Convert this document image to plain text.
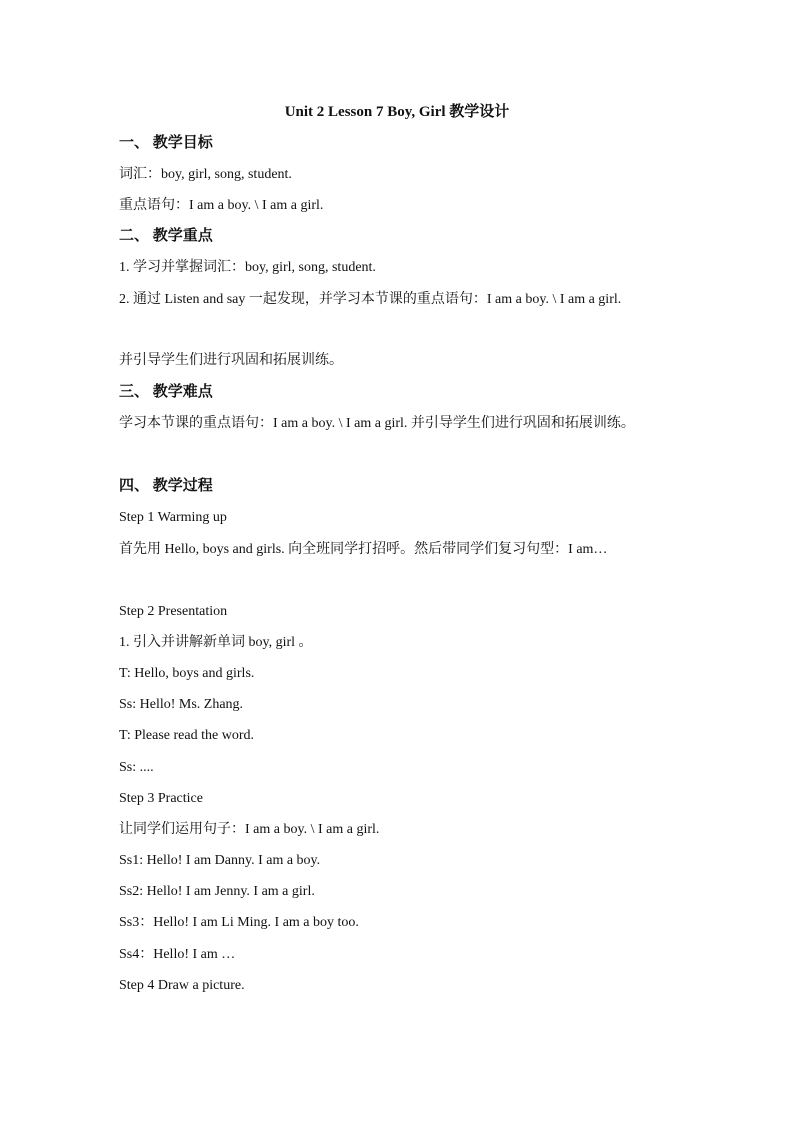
Unit 2 Lesson 7 Boy, Girl 教学设计
一、 教学目标
词汇：boy, girl, song, student.
重点语句：I am a boy. \ I am a girl.
二、 教学重点
1. 学习并掌握词汇：boy, girl, song, student.
2. 通过 Listen and say 一起发现，并学习本节课的重点语句：I am a boy. \ I am a girl.
并引导学生们进行巩固和拓展训练。
三、 教学难点
学习本节课的重点语句：I am a boy. \ I am a girl. 并引导学生们进行巩固和拓展训练。
四、 教学过程
Step 1 Warming up
首先用 Hello, boys and girls. 向全班同学打招呼。然后带同学们复习句型：I am…
Step 2 Presentation
1. 引入并讲解新单词 boy, girl 。
T: Hello, boys and girls.
Ss: Hello! Ms. Zhang.
T: Please read the word.
Ss: ....
Step 3 Practice
让同学们运用句子：I am a boy. \ I am a girl.
Ss1: Hello! I am Danny. I am a boy.
Ss2: Hello! I am Jenny. I am a girl.
Ss3：Hello! I am Li Ming. I am a boy too.
Ss4：Hello! I am …
Step 4 Draw a picture.
